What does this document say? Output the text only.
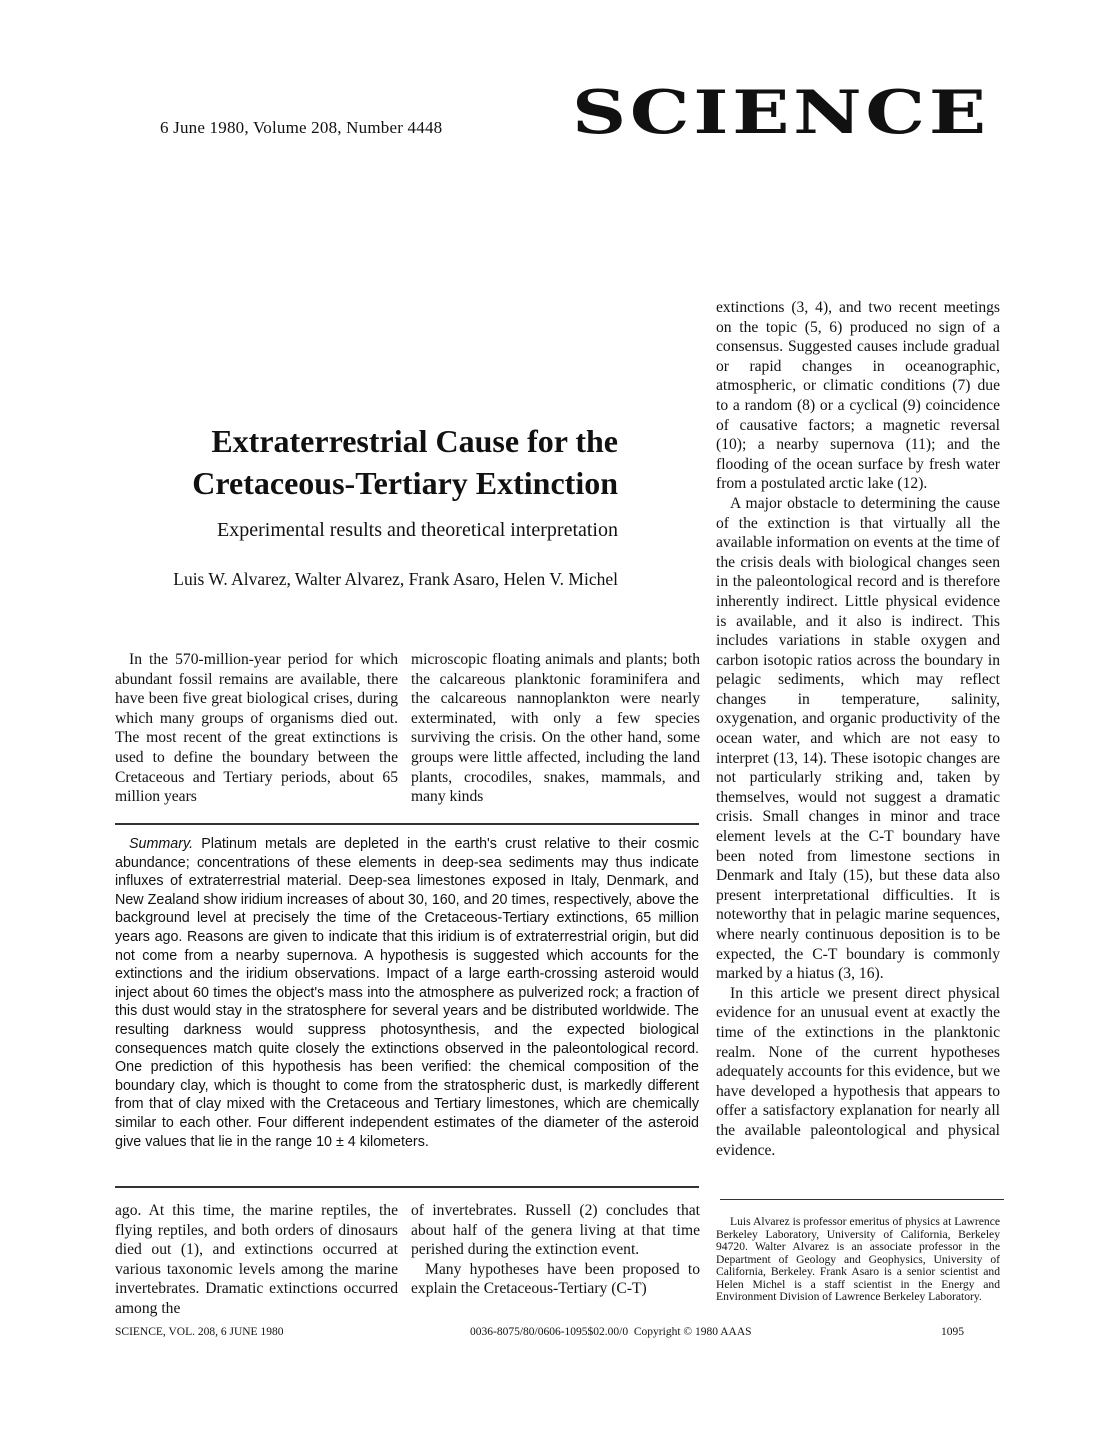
6 June 1980, Volume 208, Number 4448 SCIENCE
Extraterrestrial Cause for the
Cretaceous-Tertiary Extinction
Experimental results and theoretical interpretation
Luis W. Alvarez, Walter Alvarez, Frank Asaro, Helen V. Michel

In the 570-million-year period for which abundant fossil remains are available, there have been five great biological crises, during which many groups of organisms died out. The most recent of the great extinctions is used to define the boundary between the Cretaceous and Tertiary periods, about 65 million years

microscopic floating animals and plants; both the calcareous planktonic foraminifera and the calcareous nannoplankton were nearly exterminated, with only a few species surviving the crisis. On the other hand, some groups were little affected, including the land plants, crocodiles, snakes, mammals, and many kinds

Summary. Platinum metals are depleted in the earth's crust relative to their cosmic abundance; concentrations of these elements in deep-sea sediments may thus indicate influxes of extraterrestrial material. Deep-sea limestones exposed in Italy, Denmark, and New Zealand show iridium increases of about 30, 160, and 20 times, respectively, above the background level at precisely the time of the Cretaceous-Tertiary extinctions, 65 million years ago. Reasons are given to indicate that this iridium is of extraterrestrial origin, but did not come from a nearby supernova. A hypothesis is suggested which accounts for the extinctions and the iridium observations. Impact of a large earth-crossing asteroid would inject about 60 times the object's mass into the atmosphere as pulverized rock; a fraction of this dust would stay in the stratosphere for several years and be distributed worldwide. The resulting darkness would suppress photosynthesis, and the expected biological consequences match quite closely the extinctions observed in the paleontological record. One prediction of this hypothesis has been verified: the chemical composition of the boundary clay, which is thought to come from the stratospheric dust, is markedly different from that of clay mixed with the Cretaceous and Tertiary limestones, which are chemically similar to each other. Four different independent estimates of the diameter of the asteroid give values that lie in the range 10 ± 4 kilometers.

ago. At this time, the marine reptiles, the flying reptiles, and both orders of dinosaurs died out (1), and extinctions occurred at various taxonomic levels among the marine invertebrates. Dramatic extinctions occurred among the

of invertebrates. Russell (2) concludes that about half of the genera living at that time perished during the extinction event.

Many hypotheses have been proposed to explain the Cretaceous-Tertiary (C-T)

extinctions (3, 4), and two recent meetings on the topic (5, 6) produced no sign of a consensus. Suggested causes include gradual or rapid changes in oceanographic, atmospheric, or climatic conditions (7) due to a random (8) or a cyclical (9) coincidence of causative factors; a magnetic reversal (10); a nearby supernova (11); and the flooding of the ocean surface by fresh water from a postulated arctic lake (12).

A major obstacle to determining the cause of the extinction is that virtually all the available information on events at the time of the crisis deals with biological changes seen in the paleontological record and is therefore inherently indirect. Little physical evidence is available, and it also is indirect. This includes variations in stable oxygen and carbon isotopic ratios across the boundary in pelagic sediments, which may reflect changes in temperature, salinity, oxygenation, and organic productivity of the ocean water, and which are not easy to interpret (13, 14). These isotopic changes are not particularly striking and, taken by themselves, would not suggest a dramatic crisis. Small changes in minor and trace element levels at the C-T boundary have been noted from limestone sections in Denmark and Italy (15), but these data also present interpretational difficulties. It is noteworthy that in pelagic marine sequences, where nearly continuous deposition is to be expected, the C-T boundary is commonly marked by a hiatus (3, 16).

In this article we present direct physical evidence for an unusual event at exactly the time of the extinctions in the planktonic realm. None of the current hypotheses adequately accounts for this evidence, but we have developed a hypothesis that appears to offer a satisfactory explanation for nearly all the available paleontological and physical evidence.

Luis Alvarez is professor emeritus of physics at Lawrence Berkeley Laboratory, University of California, Berkeley 94720. Walter Alvarez is an associate professor in the Department of Geology and Geophysics, University of California, Berkeley. Frank Asaro is a senior scientist and Helen Michel is a staff scientist in the Energy and Environment Division of Lawrence Berkeley Laboratory.

SCIENCE, VOL. 208, 6 JUNE 1980	0036-8075/80/0606-1095$02.00/0  Copyright © 1980 AAAS	1095
